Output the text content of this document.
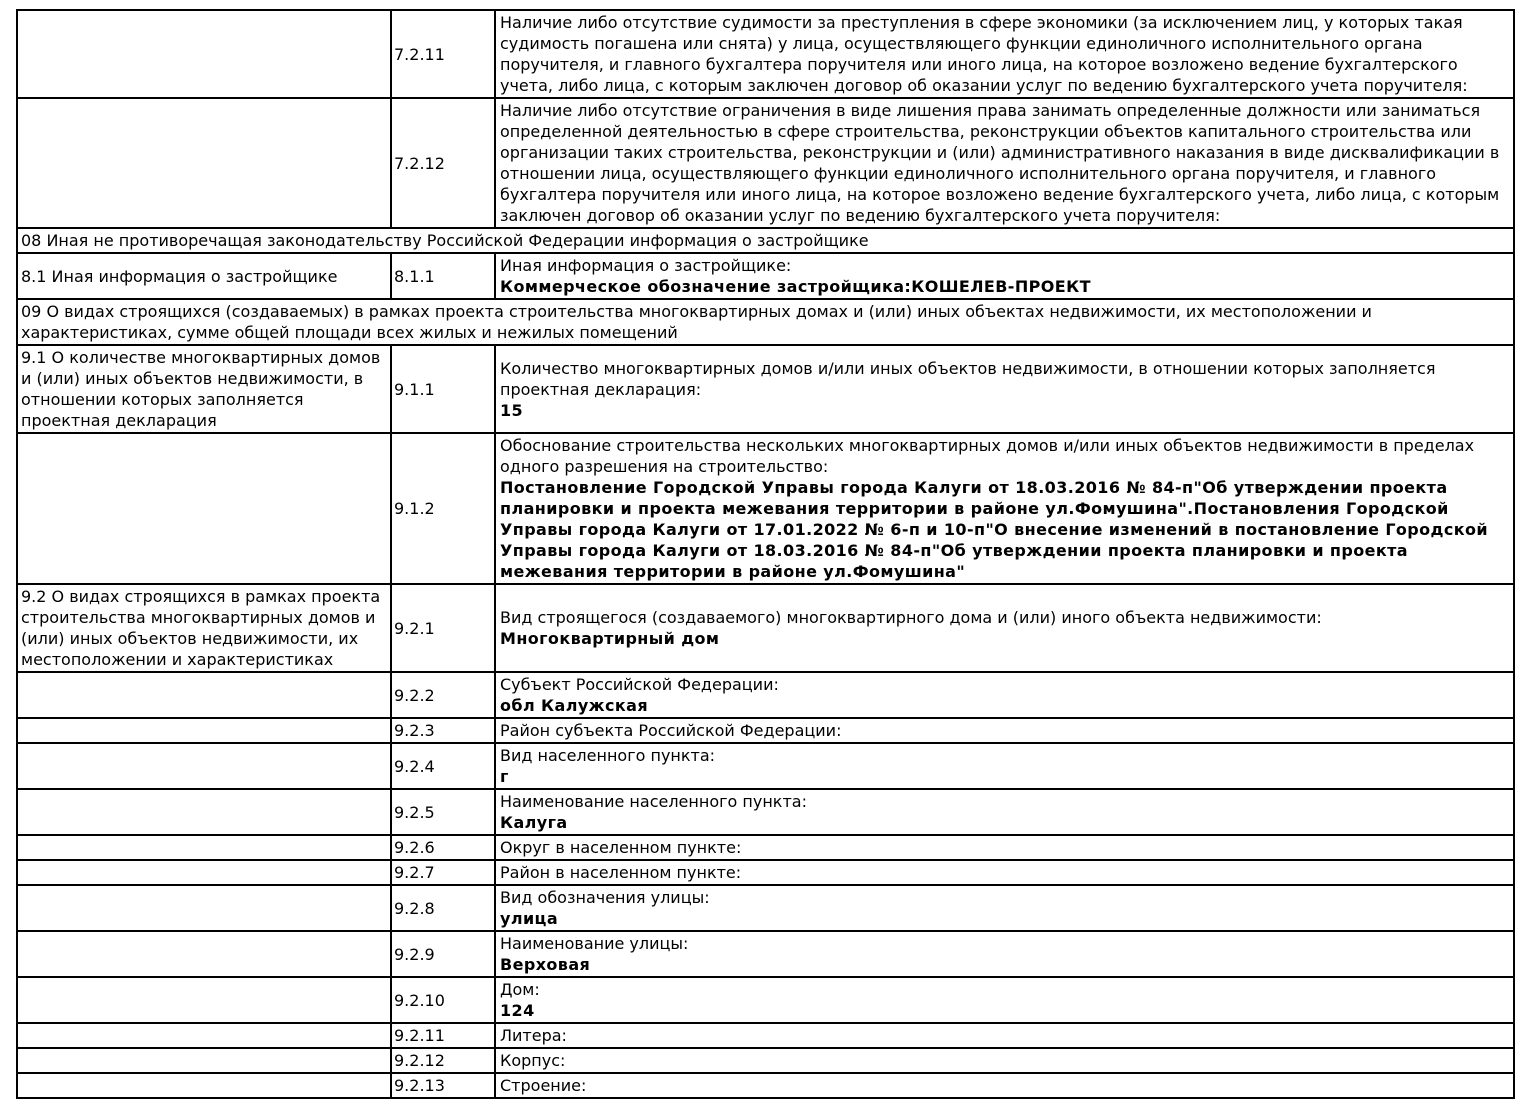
	7.2.11	Наличие либо отсутствие судимости за преступления в сфере экономики (за исключением лиц, у которых такая судимость погашена или снята) у лица, осуществляющего функции единоличного исполнительного органа поручителя, и главного бухгалтера поручителя или иного лица, на которое возложено ведение бухгалтерского учета, либо лица, с которым заключен договор об оказании услуг по ведению бухгалтерского учета поручителя:

	7.2.12	Наличие либо отсутствие ограничения в виде лишения права занимать определенные должности или заниматься определенной деятельностью в сфере строительства, реконструкции объектов капитального строительства или организации таких строительства, реконструкции и (или) административного наказания в виде дисквалификации в отношении лица, осуществляющего функции единоличного исполнительного органа поручителя, и главного бухгалтера поручителя или иного лица, на которое возложено ведение бухгалтерского учета, либо лица, с которым заключен договор об оказании услуг по ведению бухгалтерского учета поручителя:

08 Иная не противоречащая законодательству Российской Федерации информация о застройщике		
8.1 Иная информация о застройщике	8.1.1	Иная информация о застройщике:
Коммерческое обозначение застройщика:КОШЕЛЕВ-ПРОЕКТ

09 О видах строящихся (создаваемых) в рамках проекта строительства многоквартирных домах и (или) иных объектах недвижимости, их местоположении и характеристиках, сумме общей площади всех жилых и нежилых помещений		
9.1 О количестве многоквартирных домов и (или) иных объектов недвижимости, в отношении которых заполняется проектная декларация	9.1.1	Количество многоквартирных домов и/или иных объектов недвижимости, в отношении которых заполняется проектная декларация:
15

	9.1.2	Обоснование строительства нескольких многоквартирных домов и/или иных объектов недвижимости в пределах одного разрешения на строительство:
Постановление Городской Управы города Калуги от 18.03.2016 № 84-п"Об утверждении проекта планировки и проекта межевания территории в районе ул.Фомушина".Постановления Городской Управы города Калуги от 17.01.2022 № 6-п и 10-п"О внесение изменений в постановление Городской Управы города Калуги от 18.03.2016 № 84-п"Об утверждении проекта планировки и проекта межевания территории в районе ул.Фомушина"

9.2 О видах строящихся в рамках проекта строительства многоквартирных домов и (или) иных объектов недвижимости, их местоположении и характеристиках	9.2.1	Вид строящегося (создаваемого) многоквартирного дома и (или) иного объекта недвижимости:
Многоквартирный дом

	9.2.2	Субъект Российской Федерации:
обл Калужская

	9.2.3	Район субъекта Российской Федерации:

	9.2.4	Вид населенного пункта:
г

	9.2.5	Наименование населенного пункта:
Калуга

	9.2.6	Округ в населенном пункте:

	9.2.7	Район в населенном пункте:

	9.2.8	Вид обозначения улицы:
улица

	9.2.9	Наименование улицы:
Верховая

	9.2.10	Дом:
124

	9.2.11	Литера:

	9.2.12	Корпус:

	9.2.13	Строение:
